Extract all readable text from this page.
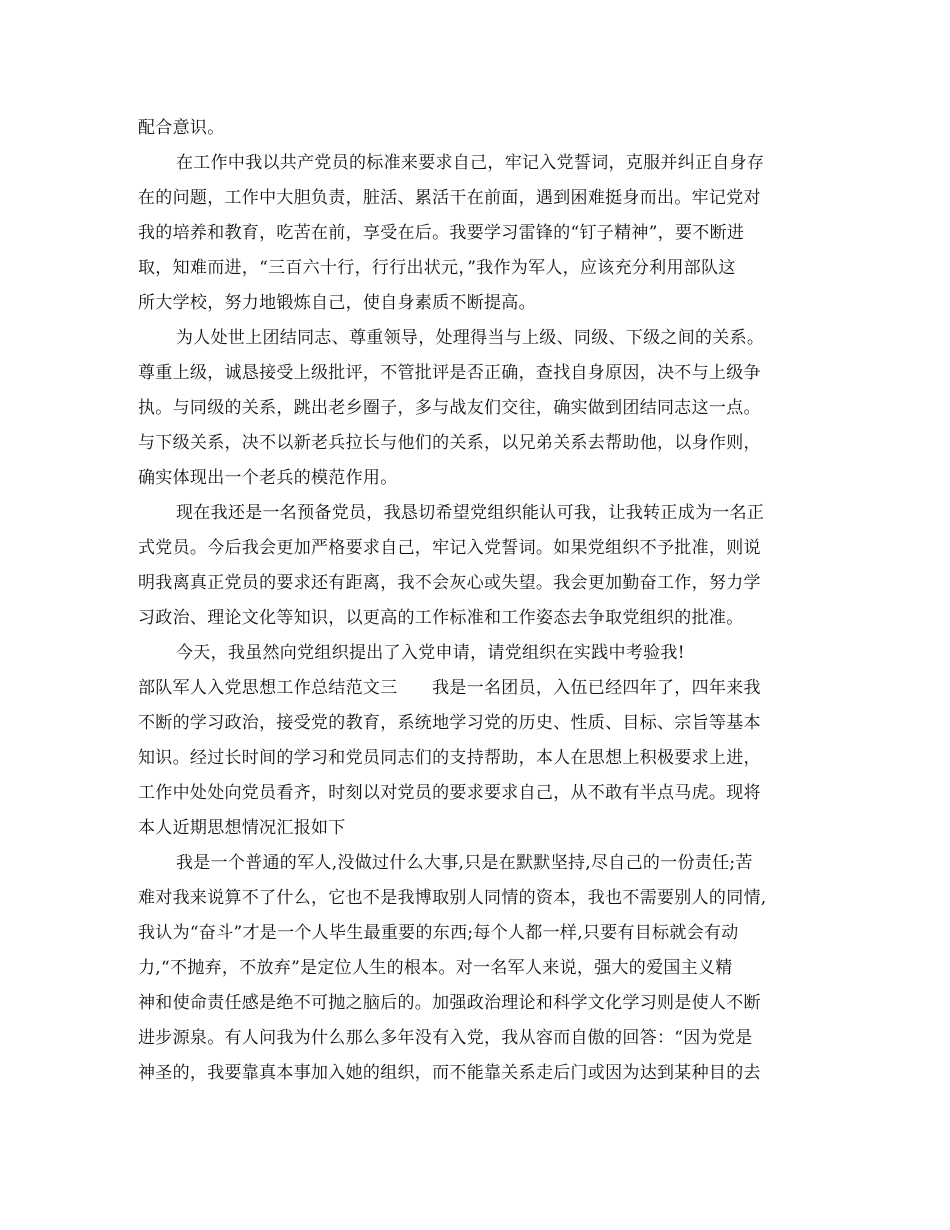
配合意识。
在工作中我以共产党员的标准来要求自己，牢记入党誓词，克服并纠正自身存
在的问题，工作中大胆负责，脏活、累活干在前面，遇到困难挺身而出。牢记党对
我的培养和教育，吃苦在前，享受在后。我要学习雷锋的“钉子精神”，要不断进
取，知难而进，“三百六十行，行行出状元，”我作为军人，应该充分利用部队这
所大学校，努力地锻炼自己，使自身素质不断提高。
为人处世上团结同志、尊重领导，处理得当与上级、同级、下级之间的关系。
尊重上级，诚恳接受上级批评，不管批评是否正确，查找自身原因，决不与上级争
执。与同级的关系，跳出老乡圈子，多与战友们交往，确实做到团结同志这一点。
与下级关系，决不以新老兵拉长与他们的关系，以兄弟关系去帮助他，以身作则，
确实体现出一个老兵的模范作用。
现在我还是一名预备党员，我恳切希望党组织能认可我，让我转正成为一名正
式党员。今后我会更加严格要求自己，牢记入党誓词。如果党组织不予批准，则说
明我离真正党员的要求还有距离，我不会灰心或失望。我会更加勤奋工作，努力学
习政治、理论文化等知识，以更高的工作标准和工作姿态去争取党组织的批准。
今天，我虽然向党组织提出了入党申请，请党组织在实践中考验我!
部队军人入党思想工作总结范文三　　我是一名团员，入伍已经四年了，四年来我
不断的学习政治，接受党的教育，系统地学习党的历史、性质、目标、宗旨等基本
知识。经过长时间的学习和党员同志们的支持帮助，本人在思想上积极要求上进，
工作中处处向党员看齐，时刻以对党员的要求要求自己，从不敢有半点马虎。现将
本人近期思想情况汇报如下
我是一个普通的军人,没做过什么大事,只是在默默坚持,尽自己的一份责任;苦
难对我来说算不了什么，它也不是我博取别人同情的资本，我也不需要别人的同情,
我认为“奋斗”才是一个人毕生最重要的东西;每个人都一样,只要有目标就会有动
力,“不抛弃，不放弃”是定位人生的根本。对一名军人来说，强大的爱国主义精
神和使命责任感是绝不可抛之脑后的。加强政治理论和科学文化学习则是使人不断
进步源泉。有人问我为什么那么多年没有入党，我从容而自傲的回答：“因为党是
神圣的，我要靠真本事加入她的组织，而不能靠关系走后门或因为达到某种目的去
